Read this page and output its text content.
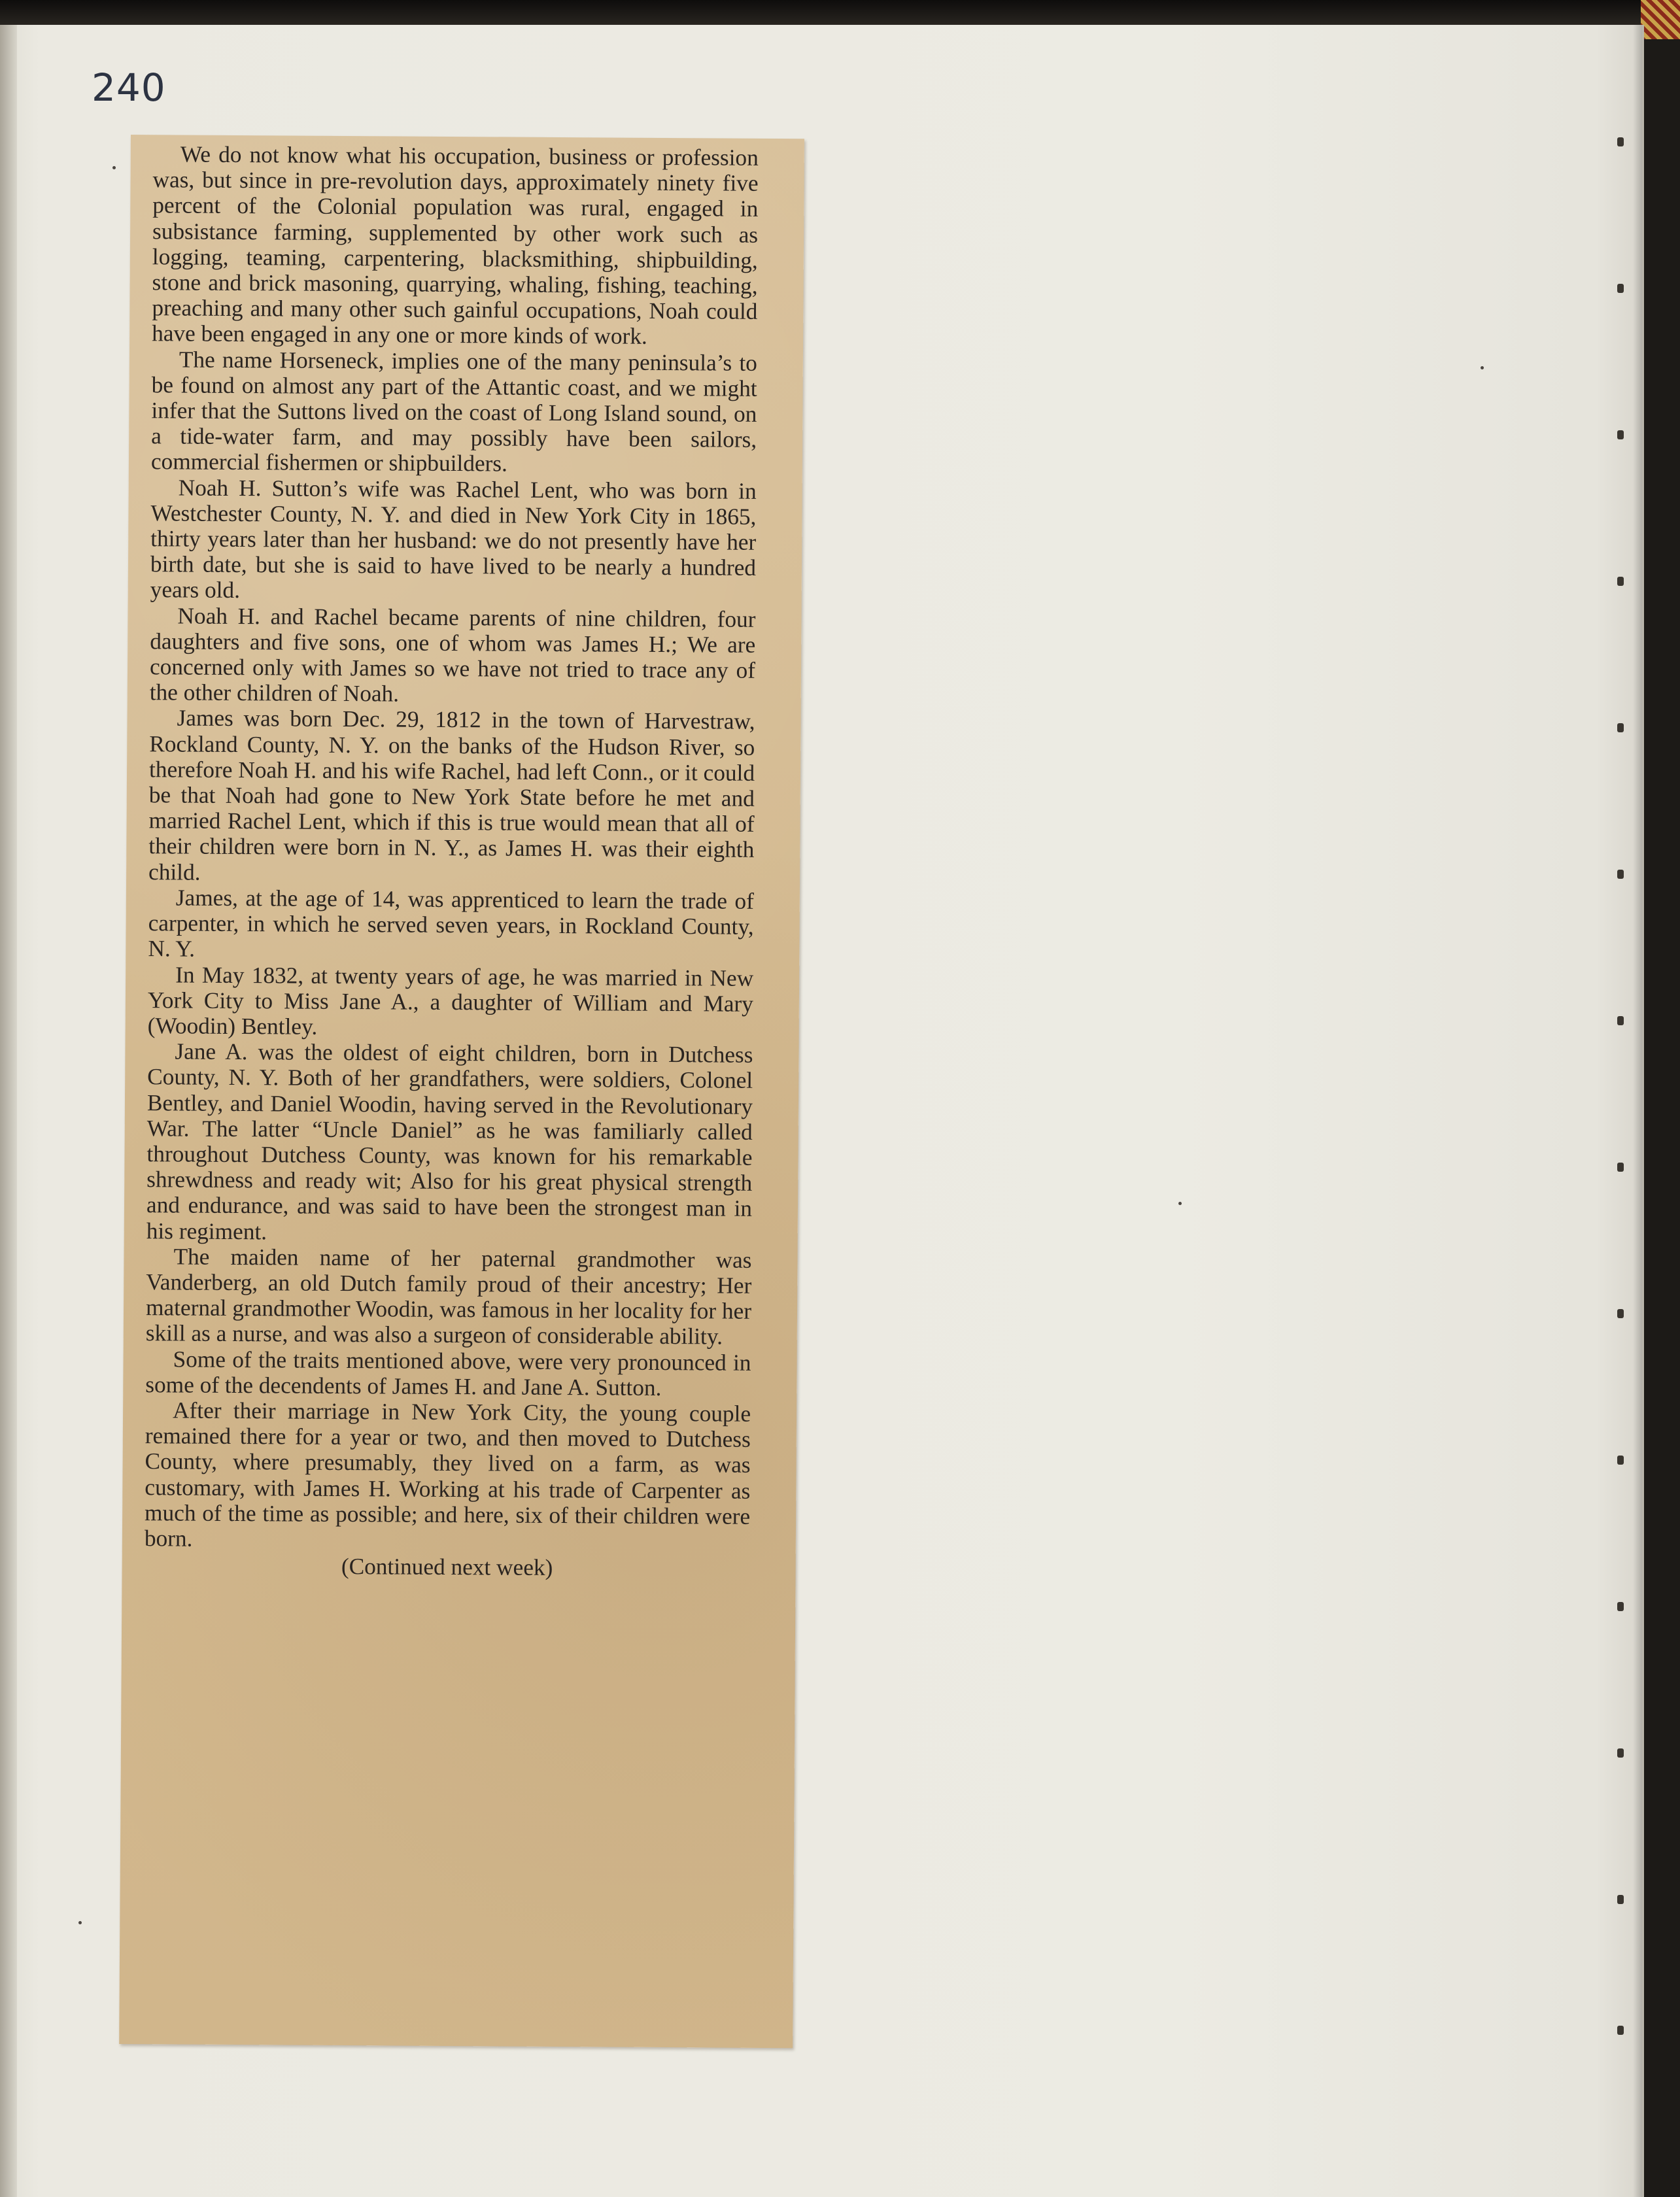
240

We do not know what his occupation, business or profession was, but since in pre-revolution days, approximately ninety five percent of the Colonial population was rural, engaged in subsistance farming, supplemented by other work such as logging, teaming, carpentering, blacksmithing, shipbuilding, stone and brick masoning, quarrying, whaling, fishing, teaching, preaching and many other such gainful occupations, Noah could have been engaged in any one or more kinds of work.

The name Horseneck, implies one of the many peninsula’s to be found on almost any part of the Attantic coast, and we might infer that the Suttons lived on the coast of Long Island sound, on a tide-water farm, and may possibly have been sailors, commercial fishermen or shipbuilders.

Noah H. Sutton’s wife was Rachel Lent, who was born in Westchester County, N. Y. and died in New York City in 1865, thirty years later than her husband: we do not presently have her birth date, but she is said to have lived to be nearly a hundred years old.

Noah H. and Rachel became parents of nine children, four daughters and five sons, one of whom was James H.; We are concerned only with James so we have not tried to trace any of the other children of Noah.

James was born Dec. 29, 1812 in the town of Harvestraw, Rockland County, N. Y. on the banks of the Hudson River, so therefore Noah H. and his wife Rachel, had left Conn., or it could be that Noah had gone to New York State before he met and married Rachel Lent, which if this is true would mean that all of their children were born in N. Y., as James H. was their eighth child.

James, at the age of 14, was apprenticed to learn the trade of carpenter, in which he served seven years, in Rockland County, N. Y.

In May 1832, at twenty years of age, he was married in New York City to Miss Jane A., a daughter of William and Mary (Woodin) Bentley.

Jane A. was the oldest of eight children, born in Dutchess County, N. Y. Both of her grandfathers, were soldiers, Colonel Bentley, and Daniel Woodin, having served in the Revolutionary War. The latter “Uncle Daniel” as he was familiarly called throughout Dutchess County, was known for his remarkable shrewdness and ready wit; Also for his great physical strength and endurance, and was said to have been the strongest man in his regiment.

The maiden name of her paternal grandmother was Vanderberg, an old Dutch family proud of their ancestry; Her maternal grandmother Woodin, was famous in her locality for her skill as a nurse, and was also a surgeon of considerable ability.

Some of the traits mentioned above, were very pronounced in some of the decendents of James H. and Jane A. Sutton.

After their marriage in New York City, the young couple remained there for a year or two, and then moved to Dutchess County, where presumably, they lived on a farm, as was customary, with James H. Working at his trade of Carpenter as much of the time as possible; and here, six of their children were born.

(Continued next week)
